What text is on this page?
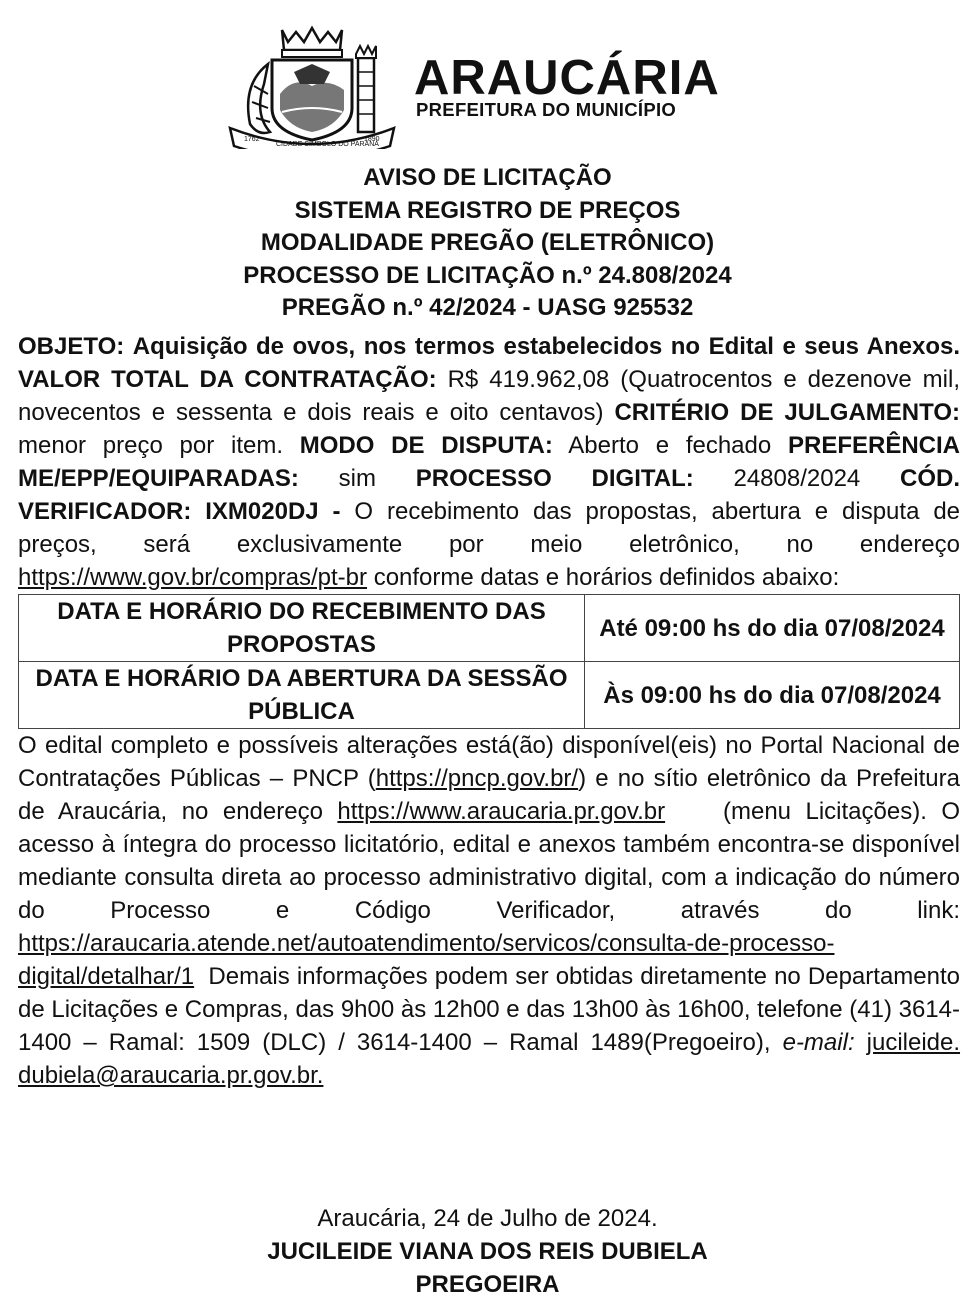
1762
CIDADE SÍMBOLO DO PARANÁ
1890
ARAUCÁRIA
PREFEITURA DO MUNICÍPIO
AVISO DE LICITAÇÃO
SISTEMA REGISTRO DE PREÇOS
MODALIDADE PREGÃO (ELETRÔNICO)
PROCESSO DE LICITAÇÃO n.º 24.808/2024
PREGÃO n.º 42/2024 - UASG 925532

OBJETO: Aquisição de ovos, nos termos estabelecidos no Edital e seus Anexos. VALOR TOTAL DA CONTRATAÇÃO: R$ 419.962,08 (Quatrocentos e dezenove mil, novecentos e sessenta e dois reais e oito centavos) CRITÉRIO DE JULGAMENTO: menor preço por item. MODO DE DISPUTA: Aberto e fechado PREFERÊNCIA ME/EPP/EQUIPARADAS: sim PROCESSO DIGITAL: 24808/2024 CÓD. VERIFICADOR: IXM020DJ - O recebimento das propostas, abertura e disputa de preços, será exclusivamente por meio eletrônico, no endereço https://www.gov.br/compras/pt-br conforme datas e horários definidos abaixo:

DATA E HORÁRIO DO RECEBIMENTO DAS PROPOSTAS	Até 09:00 hs do dia 07/08/2024
DATA E HORÁRIO DA ABERTURA DA SESSÃO PÚBLICA	Às 09:00 hs do dia 07/08/2024

O edital completo e possíveis alterações está(ão) disponível(eis) no Portal Nacional de Contratações Públicas – PNCP (https://pncp.gov.br/) e no sítio eletrônico da Prefeitura de Araucária, no endereço https://www.araucaria.pr.gov.br (menu Licitações). O acesso à íntegra do processo licitatório, edital e anexos também encontra-se disponível mediante consulta direta ao processo administrativo digital, com a indicação do número do Processo e Código Verificador, através do link: https://araucaria.atende.net/autoatendimento/servicos/consulta-de-processo-digital/detalhar/1 Demais informações podem ser obtidas diretamente no Departamento de Licitações e Compras, das 9h00 às 12h00 e das 13h00 às 16h00, telefone (41) 3614-1400 – Ramal: 1509 (DLC) / 3614-1400 – Ramal 1489(Pregoeiro), e-mail: jucileide. dubiela@araucaria.pr.gov.br.

Araucária, 24 de Julho de 2024.
JUCILEIDE VIANA DOS REIS DUBIELA
PREGOEIRA
